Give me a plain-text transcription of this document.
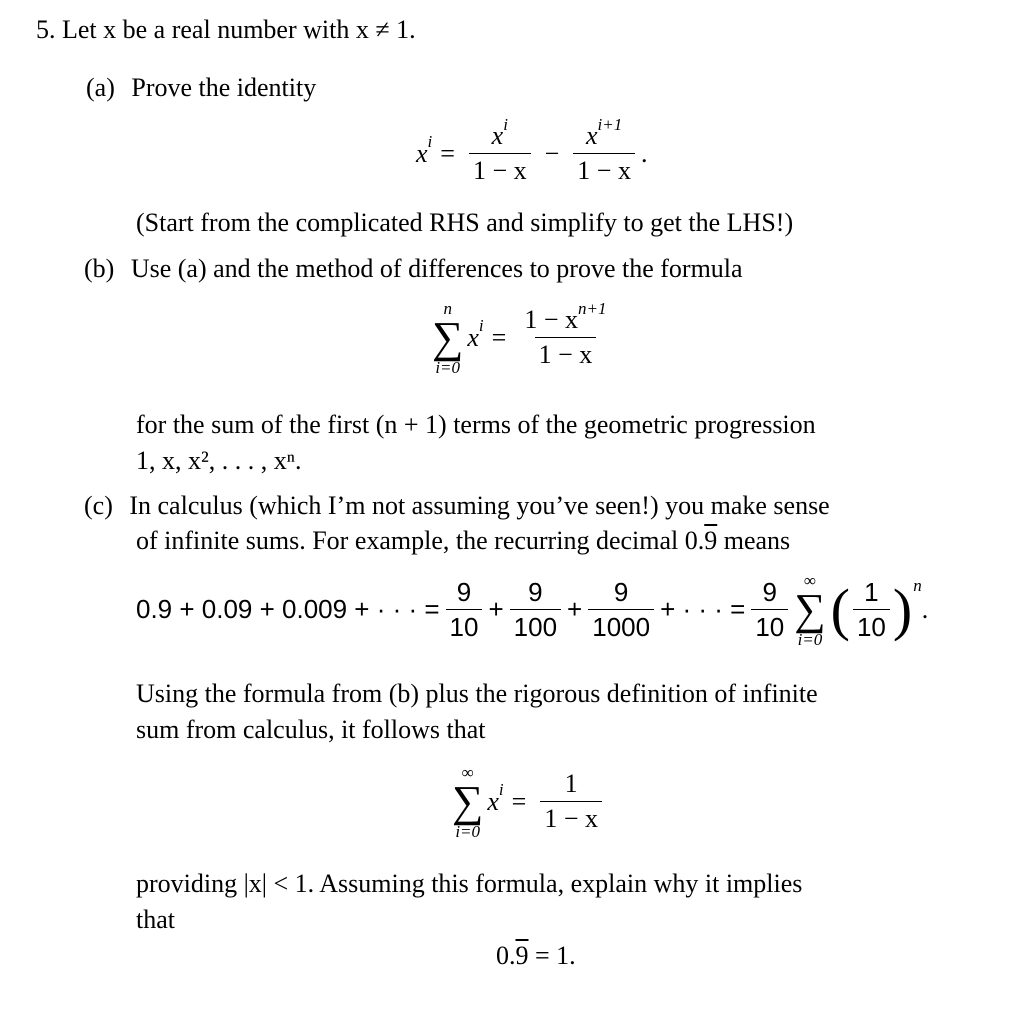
5. Let x be a real number with x ≠ 1.
(a) Prove the identity
$x^i = \frac{x^i}{1 - x} - \frac{x^{i+1}}{1 - x}$ .
(Start from the complicated RHS and simplify to get the LHS!)
(b) Use (a) and the method of differences to prove the formula
n
∑
i=0
$x^i = \frac{1 - x^{n+1}}{1 - x}$
for the sum of the first (n + 1) terms of the geometric progression
1, x, x², . . . , xⁿ.
(c) In calculus (which I’m not assuming you’ve seen!) you make sense
of infinite sums. For example, the recurring decimal 0.9 means
0.9 + 0.09 + 0.009 + · · · = $\frac{9}{10} + \frac{9}{100} + \frac{9}{1000}$ + · · · = $\frac{9}{10}$ ∞
∑
i=0 ( $\frac{1}{10} )^n$
.
Using the formula from (b) plus the rigorous definition of infinite
sum from calculus, it follows that
∞
∑
i=0
$x^i = \frac{1}{1 - x}$
providing |x| < 1. Assuming this formula, explain why it implies
that
0.9 = 1.
